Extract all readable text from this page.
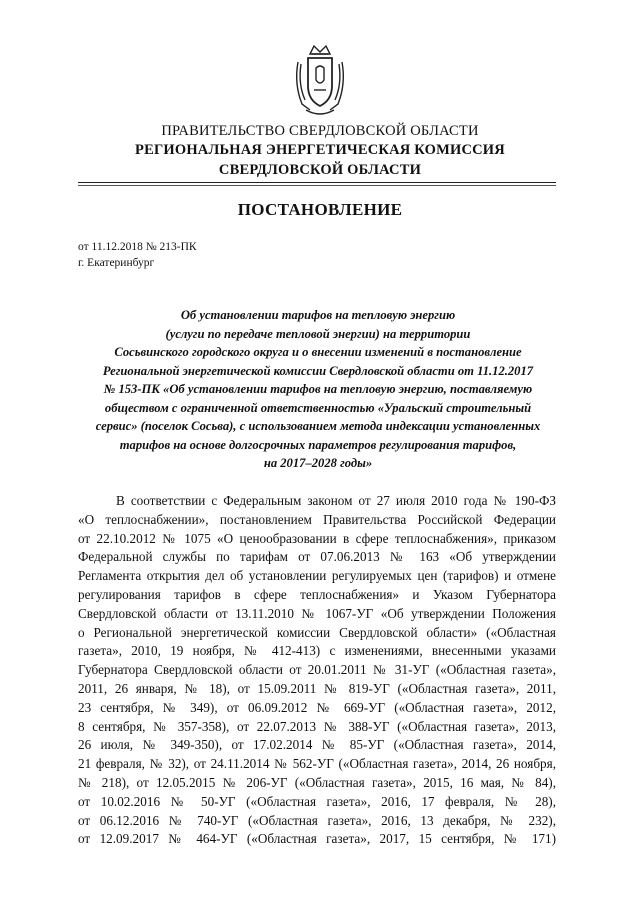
ПРАВИТЕЛЬСТВО СВЕРДЛОВСКОЙ ОБЛАСТИ
РЕГИОНАЛЬНАЯ ЭНЕРГЕТИЧЕСКАЯ КОМИССИЯ
СВЕРДЛОВСКОЙ ОБЛАСТИ
ПОСТАНОВЛЕНИЕ
от 11.12.2018 № 213-ПК
г. Екатеринбург
Об установлении тарифов на тепловую энергию
(услуги по передаче тепловой энергии) на территории
Сосьвинского городского округа и о внесении изменений в постановление
Региональной энергетической комиссии Свердловской области от 11.12.2017
№ 153-ПК «Об установлении тарифов на тепловую энергию, поставляемую
обществом с ограниченной ответственностью «Уральский строительный
сервис» (поселок Сосьва), с использованием метода индексации установленных
тарифов на основе долгосрочных параметров регулирования тарифов,
на 2017–2028 годы»
В соответствии с Федеральным законом от 27 июля 2010 года № 190-ФЗ
«О теплоснабжении», постановлением Правительства Российской Федерации
от 22.10.2012 № 1075 «О ценообразовании в сфере теплоснабжения», приказом
Федеральной службы по тарифам от 07.06.2013 № 163 «Об утверждении
Регламента открытия дел об установлении регулируемых цен (тарифов) и отмене
регулирования тарифов в сфере теплоснабжения» и Указом Губернатора
Свердловской области от 13.11.2010 № 1067-УГ «Об утверждении Положения
о Региональной энергетической комиссии Свердловской области» («Областная
газета», 2010, 19 ноября, № 412-413) с изменениями, внесенными указами
Губернатора Свердловской области от 20.01.2011 № 31-УГ («Областная газета»,
2011, 26 января, № 18), от 15.09.2011 № 819-УГ («Областная газета», 2011,
23 сентября, № 349), от 06.09.2012 № 669-УГ («Областная газета», 2012,
8 сентября, № 357-358), от 22.07.2013 № 388-УГ («Областная газета», 2013,
26 июля, № 349-350), от 17.02.2014 № 85-УГ («Областная газета», 2014,
21 февраля, № 32), от 24.11.2014 № 562-УГ («Областная газета», 2014, 26 ноября,
№ 218), от 12.05.2015 № 206-УГ («Областная газета», 2015, 16 мая, № 84),
от 10.02.2016 № 50-УГ («Областная газета», 2016, 17 февраля, № 28),
от 06.12.2016 № 740-УГ («Областная газета», 2016, 13 декабря, № 232),
от 12.09.2017 № 464-УГ («Областная газета», 2017, 15 сентября, № 171)
